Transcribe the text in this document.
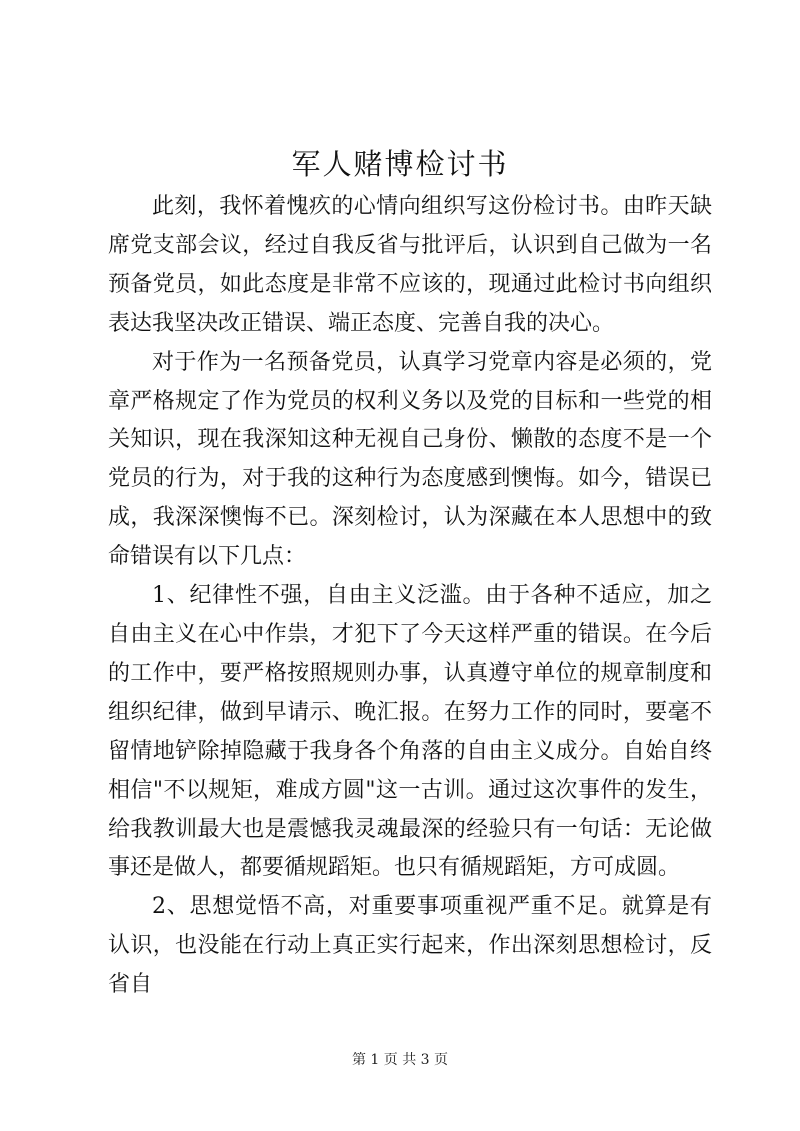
军人赌博检讨书

此刻，我怀着愧疚的心情向组织写这份检讨书。由昨天缺席党支部会议，经过自我反省与批评后，认识到自己做为一名预备党员，如此态度是非常不应该的，现通过此检讨书向组织表达我坚决改正错误、端正态度、完善自我的决心。

对于作为一名预备党员，认真学习党章内容是必须的，党章严格规定了作为党员的权利义务以及党的目标和一些党的相关知识，现在我深知这种无视自己身份、懒散的态度不是一个党员的行为，对于我的这种行为态度感到懊悔。如今，错误已成，我深深懊悔不已。深刻检讨，认为深藏在本人思想中的致命错误有以下几点：

1、纪律性不强，自由主义泛滥。由于各种不适应，加之自由主义在心中作祟，才犯下了今天这样严重的错误。在今后的工作中，要严格按照规则办事，认真遵守单位的规章制度和组织纪律，做到早请示、晚汇报。在努力工作的同时，要毫不留情地铲除掉隐藏于我身各个角落的自由主义成分。自始自终相信"不以规矩，难成方圆"这一古训。通过这次事件的发生，给我教训最大也是震憾我灵魂最深的经验只有一句话：无论做事还是做人，都要循规蹈矩。也只有循规蹈矩，方可成圆。

2、思想觉悟不高，对重要事项重视严重不足。就算是有认识，也没能在行动上真正实行起来，作出深刻思想检讨，反省自

第 1 页 共 3 页
